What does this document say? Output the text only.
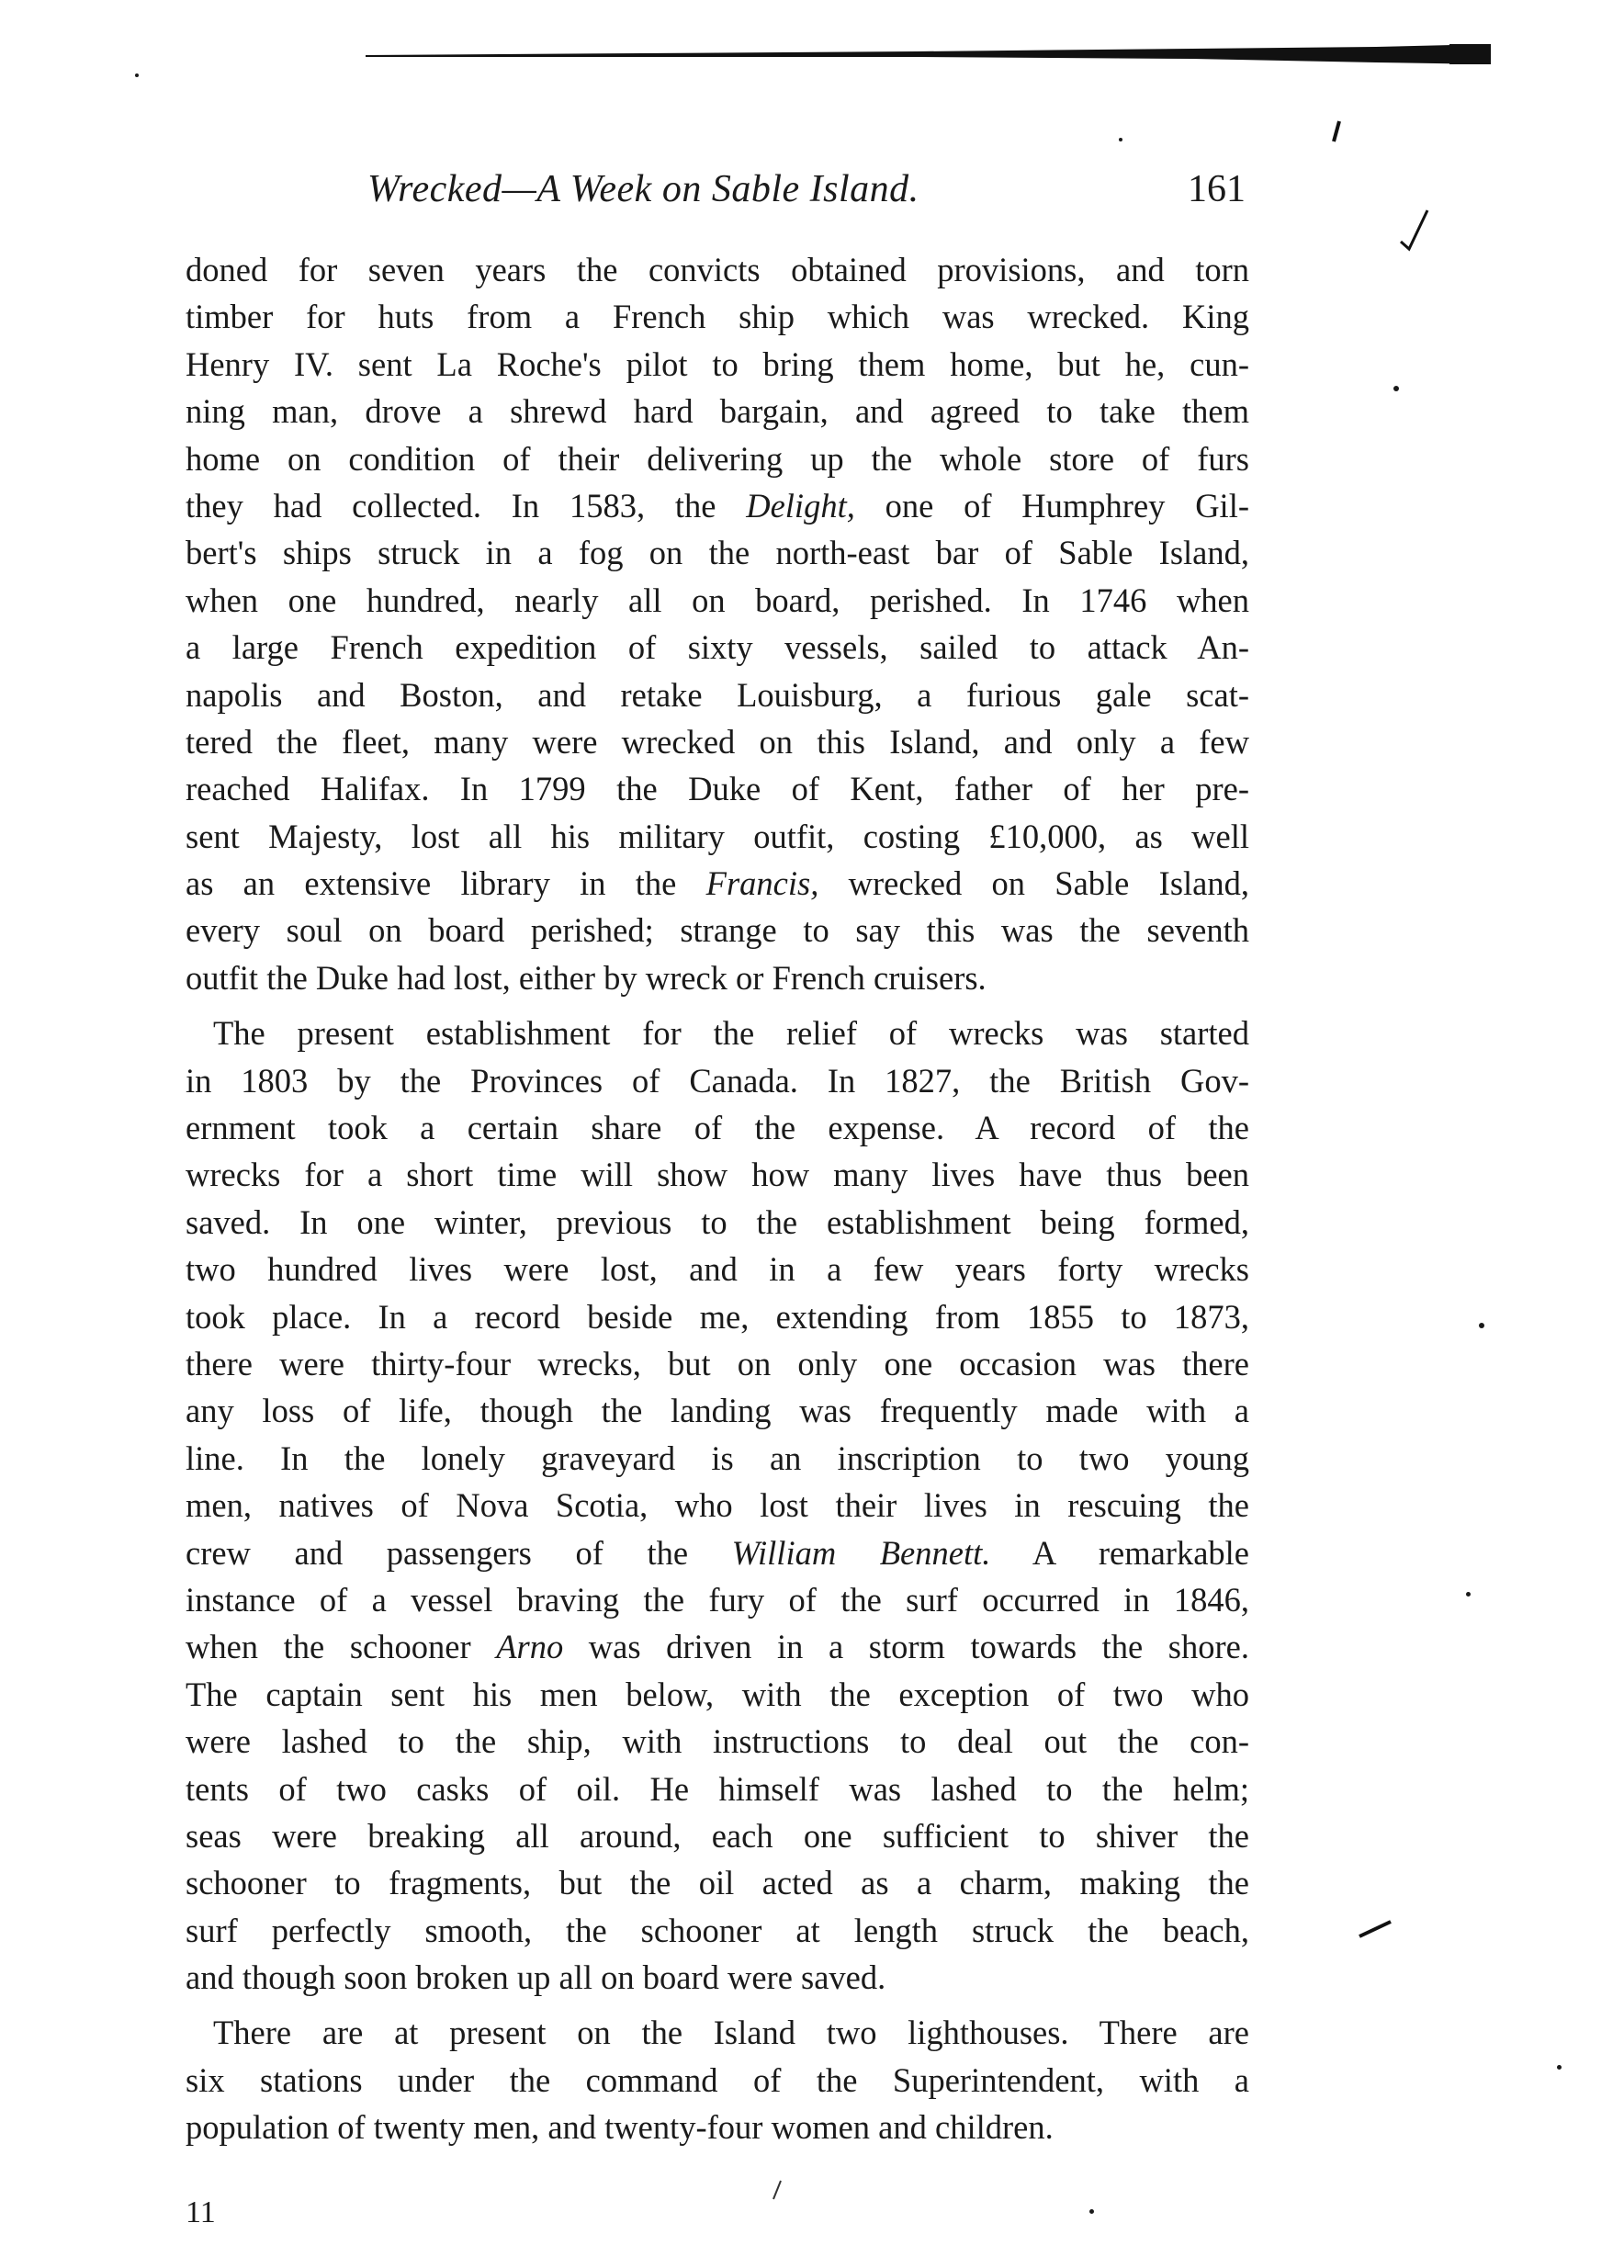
Wrecked—A Week on Sable Island.	161
doned for seven years the convicts obtained provisions, and torn
timber for huts from a French ship which was wrecked. King
Henry IV. sent La Roche's pilot to bring them home, but he, cun-
ning man, drove a shrewd hard bargain, and agreed to take them
home on condition of their delivering up the whole store of furs
they had collected. In 1583, the Delight, one of Humphrey Gil-
bert's ships struck in a fog on the north-east bar of Sable Island,
when one hundred, nearly all on board, perished. In 1746 when
a large French expedition of sixty vessels, sailed to attack An-
napolis and Boston, and retake Louisburg, a furious gale scat-
tered the fleet, many were wrecked on this Island, and only a few
reached Halifax. In 1799 the Duke of Kent, father of her pre-
sent Majesty, lost all his military outfit, costing £10,000, as well
as an extensive library in the Francis, wrecked on Sable Island,
every soul on board perished; strange to say this was the seventh
outfit the Duke had lost, either by wreck or French cruisers.
The present establishment for the relief of wrecks was started
in 1803 by the Provinces of Canada. In 1827, the British Gov-
ernment took a certain share of the expense. A record of the
wrecks for a short time will show how many lives have thus been
saved. In one winter, previous to the establishment being formed,
two hundred lives were lost, and in a few years forty wrecks
took place. In a record beside me, extending from 1855 to 1873,
there were thirty-four wrecks, but on only one occasion was there
any loss of life, though the landing was frequently made with a
line. In the lonely graveyard is an inscription to two young
men, natives of Nova Scotia, who lost their lives in rescuing the
crew and passengers of the William Bennett. A remarkable
instance of a vessel braving the fury of the surf occurred in 1846,
when the schooner Arno was driven in a storm towards the shore.
The captain sent his men below, with the exception of two who
were lashed to the ship, with instructions to deal out the con-
tents of two casks of oil. He himself was lashed to the helm;
seas were breaking all around, each one sufficient to shiver the
schooner to fragments, but the oil acted as a charm, making the
surf perfectly smooth, the schooner at length struck the beach,
and though soon broken up all on board were saved.
There are at present on the Island two lighthouses. There are
six stations under the command of the Superintendent, with a
population of twenty men, and twenty-four women and children.
11
